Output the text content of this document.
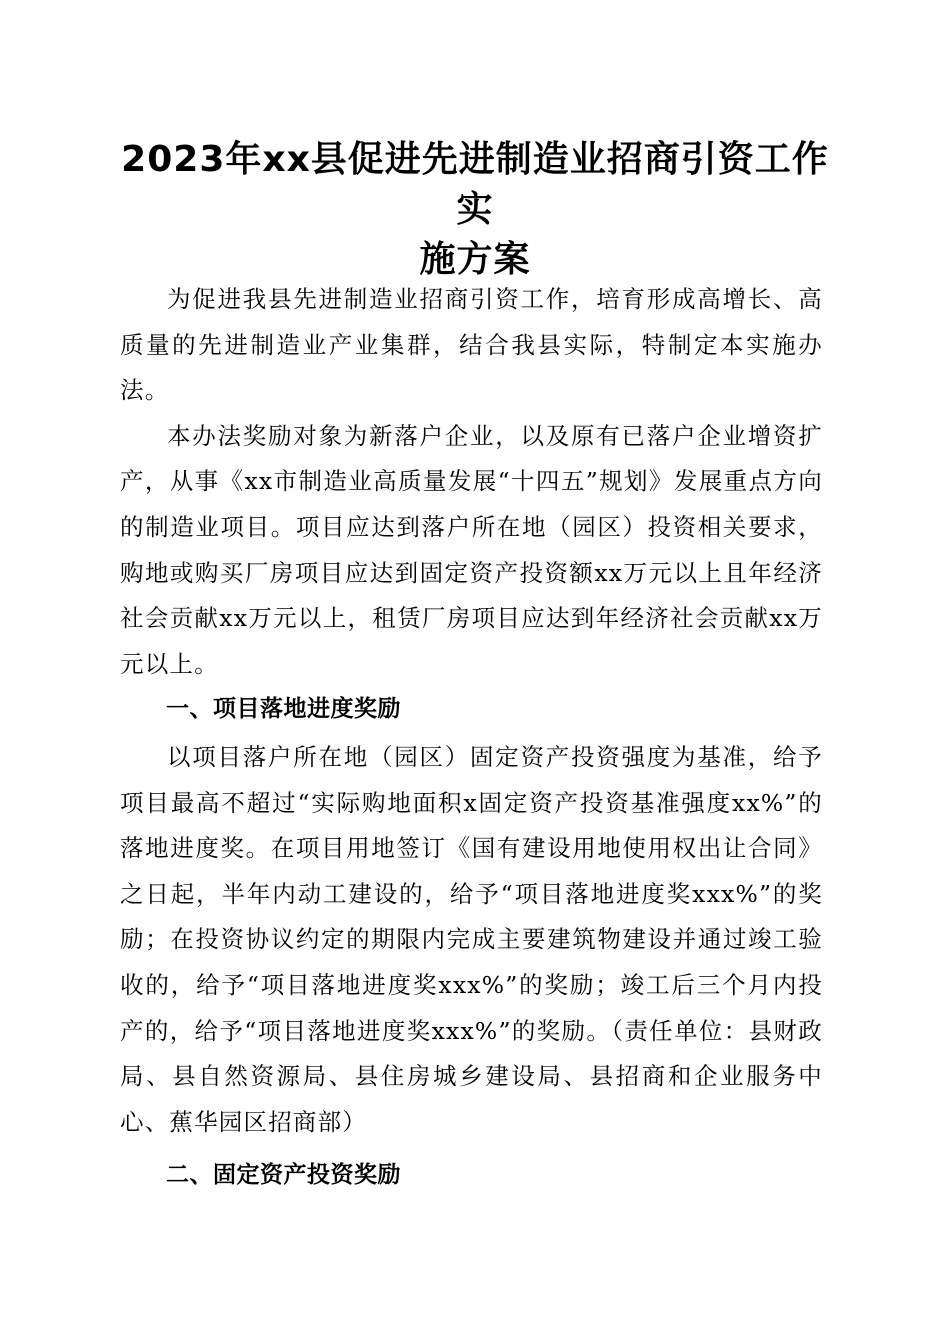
2023年xx县促进先进制造业招商引资工作实
施方案

为促进我县先进制造业招商引资工作，培育形成高增长、高质量的先进制造业产业集群，结合我县实际，特制定本实施办法。

本办法奖励对象为新落户企业，以及原有已落户企业增资扩产，从事《xx市制造业高质量发展“十四五”规划》发展重点方向的制造业项目。项目应达到落户所在地（园区）投资相关要求，购地或购买厂房项目应达到固定资产投资额xx万元以上且年经济社会贡献xx万元以上，租赁厂房项目应达到年经济社会贡献xx万元以上。

一、项目落地进度奖励

以项目落户所在地（园区）固定资产投资强度为基准，给予项目最高不超过“实际购地面积x固定资产投资基准强度xx%”的落地进度奖。在项目用地签订《国有建设用地使用权出让合同》之日起，半年内动工建设的，给予“项目落地进度奖xxx%”的奖励；在投资协议约定的期限内完成主要建筑物建设并通过竣工验收的，给予“项目落地进度奖xxx%”的奖励；竣工后三个月内投产的，给予“项目落地进度奖xxx%”的奖励。（责任单位：县财政局、县自然资源局、县住房城乡建设局、县招商和企业服务中心、蕉华园区招商部）

二、固定资产投资奖励
